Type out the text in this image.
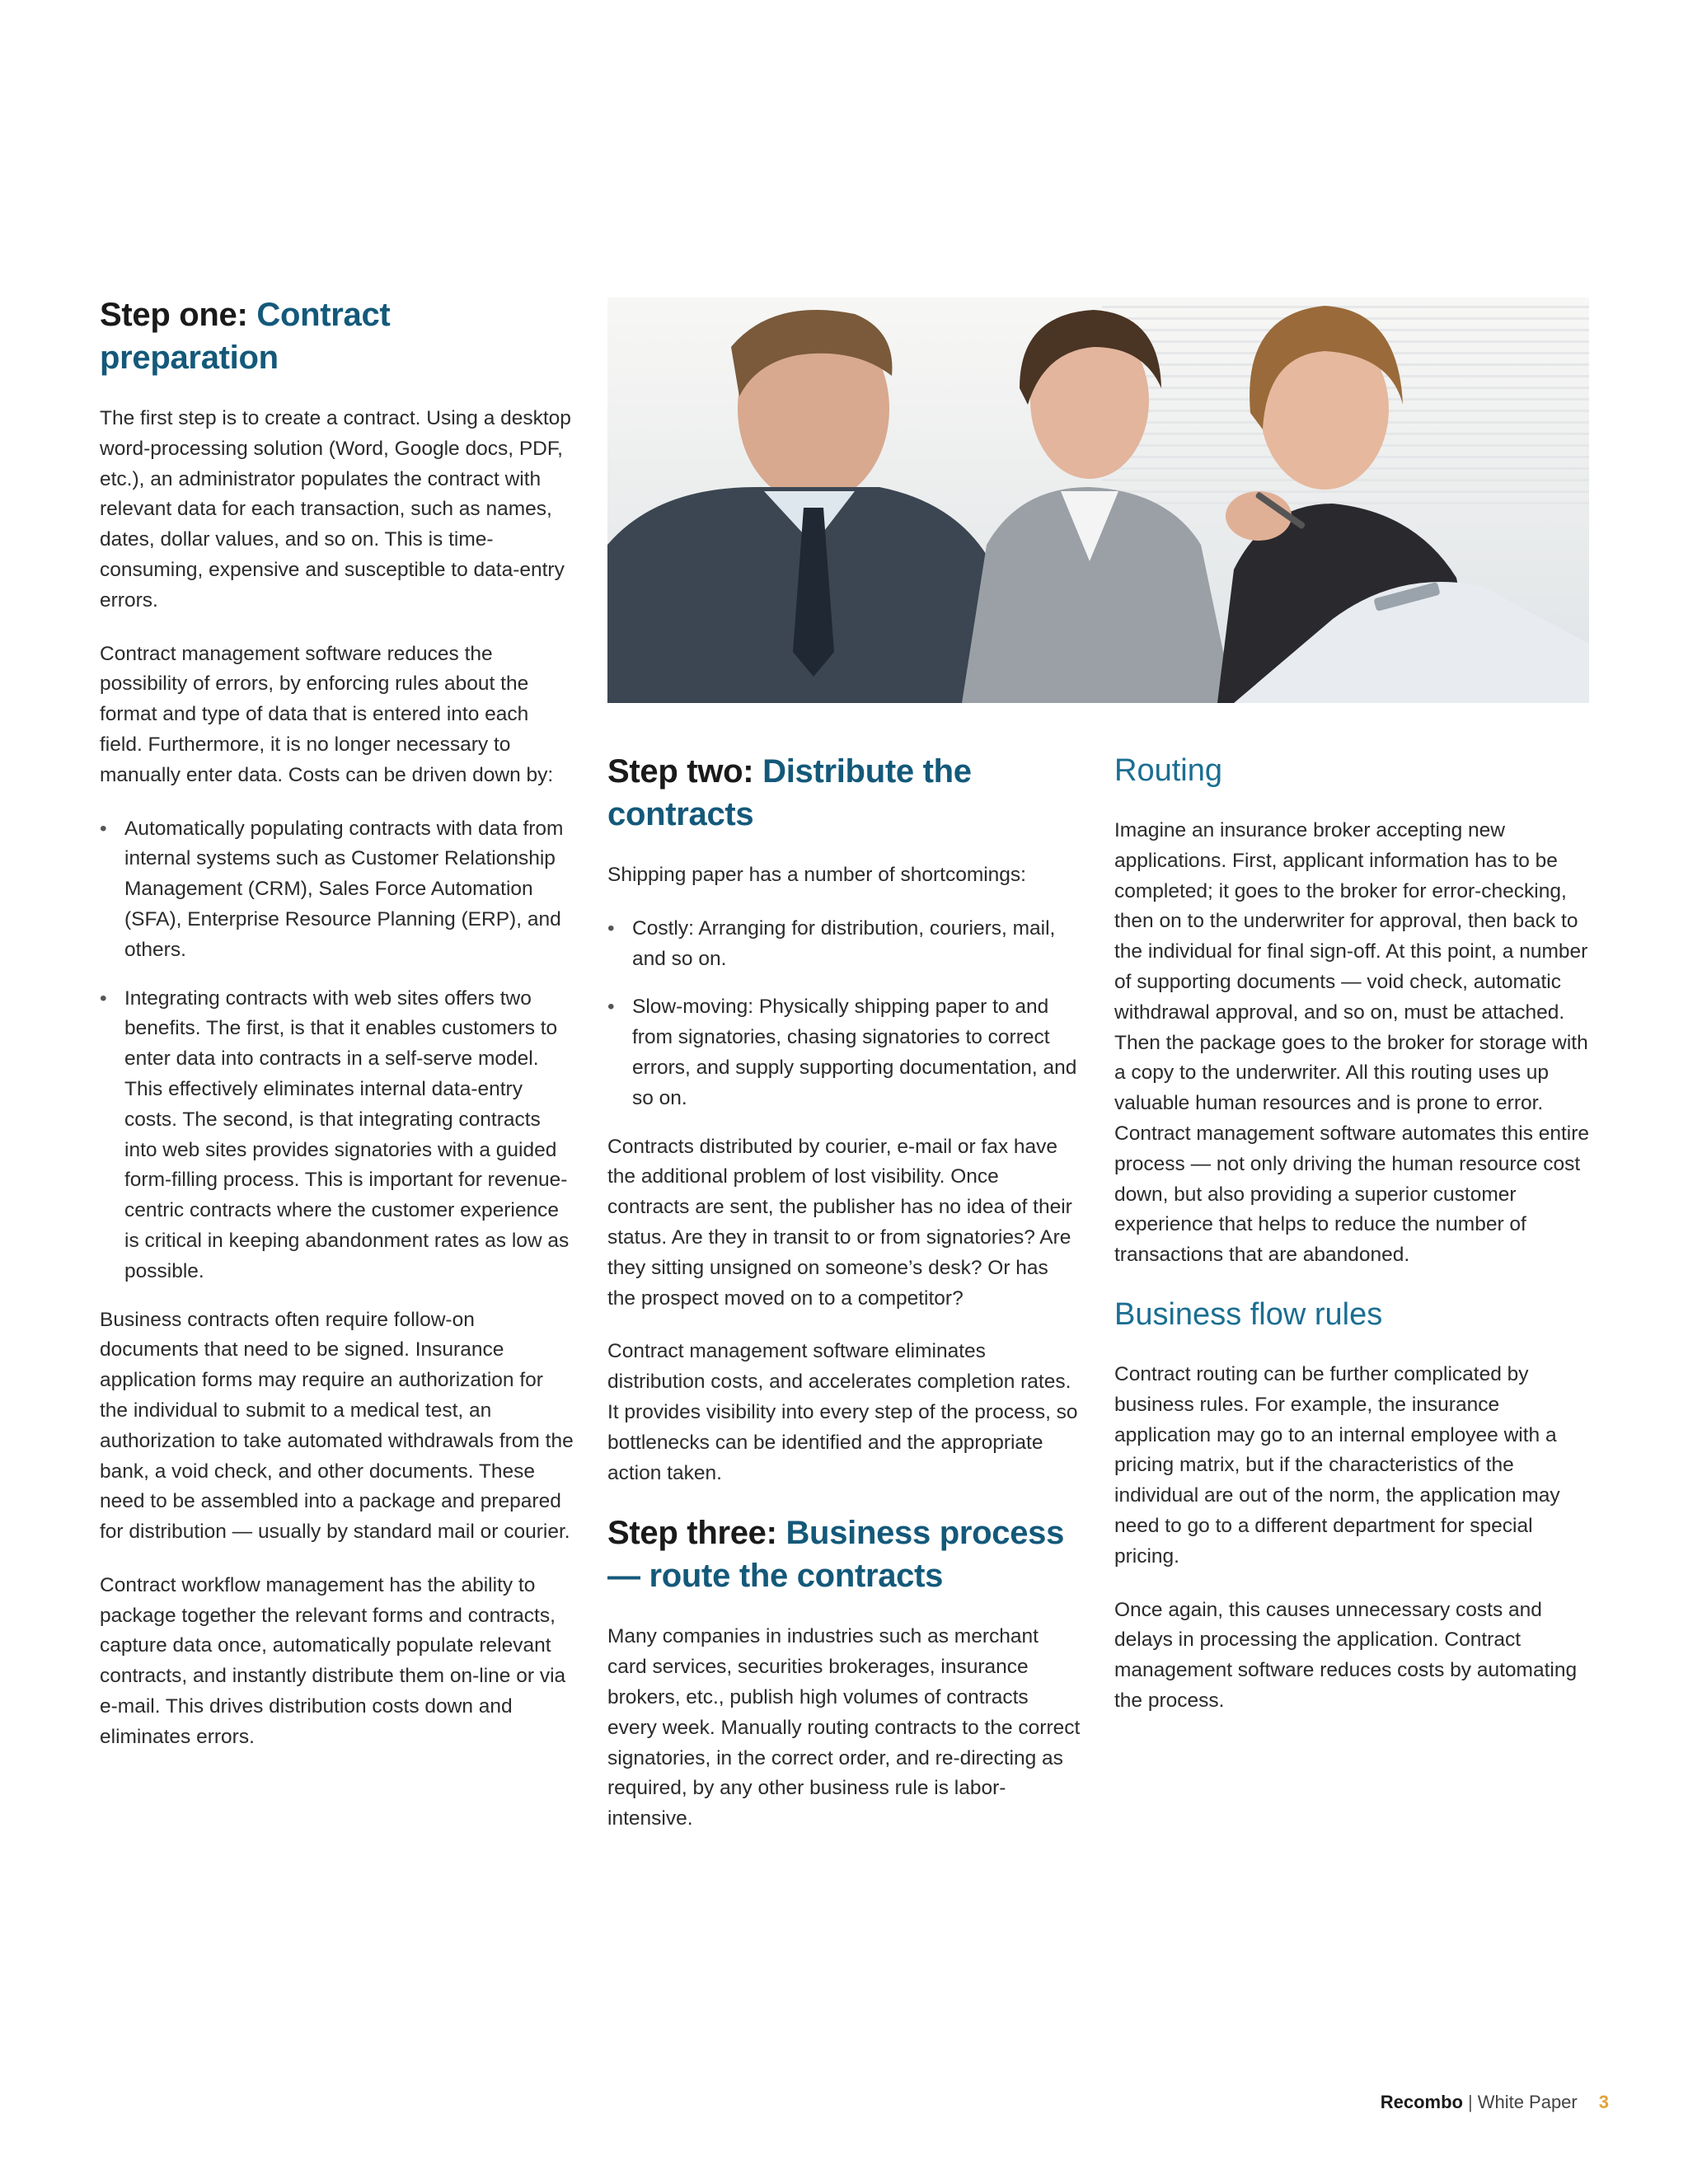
Step one: Contract preparation

The first step is to create a contract. Using a desktop word-processing solution (Word, Google docs, PDF, etc.), an administrator populates the contract with relevant data for each transaction, such as names, dates, dollar values, and so on. This is time-consuming, expensive and susceptible to data-entry errors.

Contract management software reduces the possibility of errors, by enforcing rules about the format and type of data that is entered into each field. Furthermore, it is no longer necessary to manually enter data. Costs can be driven down by:

• Automatically populating contracts with data from internal systems such as Customer Relationship Management (CRM), Sales Force Automation (SFA), Enterprise Resource Planning (ERP), and others.
• Integrating contracts with web sites offers two benefits. The first, is that it enables customers to enter data into contracts in a self-serve model. This effectively eliminates internal data-entry costs. The second, is that integrating contracts into web sites provides signatories with a guided form-filling process. This is important for revenue-centric contracts where the customer experience is critical in keeping abandonment rates as low as possible.

Business contracts often require follow-on documents that need to be signed. Insurance application forms may require an authorization for the individual to submit to a medical test, an authorization to take automated withdrawals from the bank, a void check, and other documents. These need to be assembled into a package and prepared for distribution — usually by standard mail or courier.

Contract workflow management has the ability to package together the relevant forms and contracts, capture data once, automatically populate relevant contracts, and instantly distribute them on-line or via e-mail. This drives distribution costs down and eliminates errors.

Step two: Distribute the contracts

Shipping paper has a number of shortcomings:

• Costly: Arranging for distribution, couriers, mail, and so on.
• Slow-moving: Physically shipping paper to and from signatories, chasing signatories to correct errors, and supply supporting documentation, and so on.

Contracts distributed by courier, e-mail or fax have the additional problem of lost visibility. Once contracts are sent, the publisher has no idea of their status. Are they in transit to or from signatories? Are they sitting unsigned on someone’s desk? Or has the prospect moved on to a competitor?

Contract management software eliminates distribution costs, and accelerates completion rates. It provides visibility into every step of the process, so bottlenecks can be identified and the appropriate action taken.

Step three: Business process — route the contracts

Many companies in industries such as merchant card services, securities brokerages, insurance brokers, etc., publish high volumes of contracts every week. Manually routing contracts to the correct signatories, in the correct order, and re-directing as required, by any other business rule is labor-intensive.

Routing

Imagine an insurance broker accepting new applications. First, applicant information has to be completed; it goes to the broker for error-checking, then on to the underwriter for approval, then back to the individual for final sign-off. At this point, a number of supporting documents — void check, automatic withdrawal approval, and so on, must be attached. Then the package goes to the broker for storage with a copy to the underwriter. All this routing uses up valuable human resources and is prone to error. Contract management software automates this entire process — not only driving the human resource cost down, but also providing a superior customer experience that helps to reduce the number of transactions that are abandoned.

Business flow rules

Contract routing can be further complicated by business rules. For example, the insurance application may go to an internal employee with a pricing matrix, but if the characteristics of the individual are out of the norm, the application may need to go to a different department for special pricing.

Once again, this causes unnecessary costs and delays in processing the application. Contract management software reduces costs by automating the process.

Recombo | White Paper 3
